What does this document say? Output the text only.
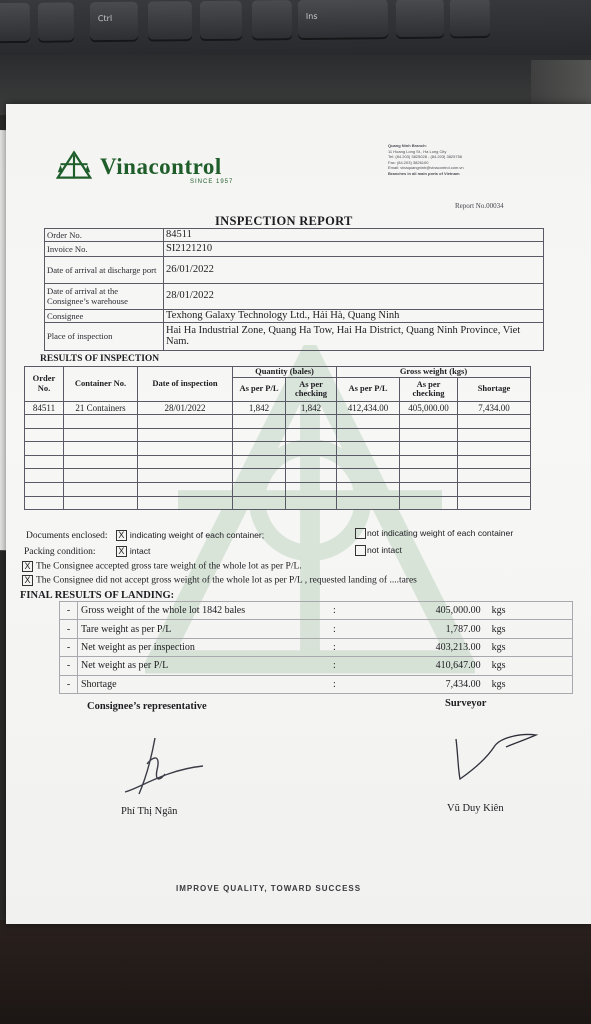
Ctrl	Ins
Vinacontrol
SINCE 1957
Quang Ninh Branch:
11 Hoang Long St., Ha Long City
Tel: (84.203) 3825028 - (84.203) 3825756
Fax: (84.203) 3826100
Email: vinaquangninh@vinacontrol.com.vn
Branches in all main ports of Vietnam
Report No.00034
INSPECTION REPORT
Order No.	84511
Invoice No.	SI2121210
Date of arrival at discharge port	26/01/2022
Date of arrival at the Consignee’s warehouse	28/01/2022
Consignee	Texhong Galaxy Technology Ltd., Hải Hà, Quang Ninh
Place of inspection	Hai Ha Industrial Zone, Quang Ha Tow, Hai Ha District, Quang Ninh Province, Viet Nam.
RESULTS OF INSPECTION
Order No.	Container No.	Date of inspection	Quantity (bales)		Gross weight (kgs)		
			As per P/L	As per checking	As per P/L	As per checking	Shortage
84511	21 Containers	28/01/2022	1,842	1,842	412,434.00	405,000.00	7,434.00

Documents enclosed: X indicating weight of each container;	not indicating weight of each container
Packing condition:	X intact	not intact
X The Consignee accepted gross tare weight of the whole lot as per P/L.
X The Consignee did not accept gross weight of the whole lot as per P/L , requested landing of ....tares
FINAL RESULTS OF LANDING:
-	Gross weight of the whole lot 1842 bales	:	405,000.00	kgs
-	Tare weight as per P/L	:	1,787.00	kgs
-	Net weight as per inspection	:	403,213.00	kgs
-	Net weight as per P/L	:	410,647.00	kgs
-	Shortage	:	7,434.00	kgs
Consignee’s representative	Surveyor
Phí Thị Ngân	Vũ Duy Kiên
IMPROVE QUALITY, TOWARD SUCCESS
